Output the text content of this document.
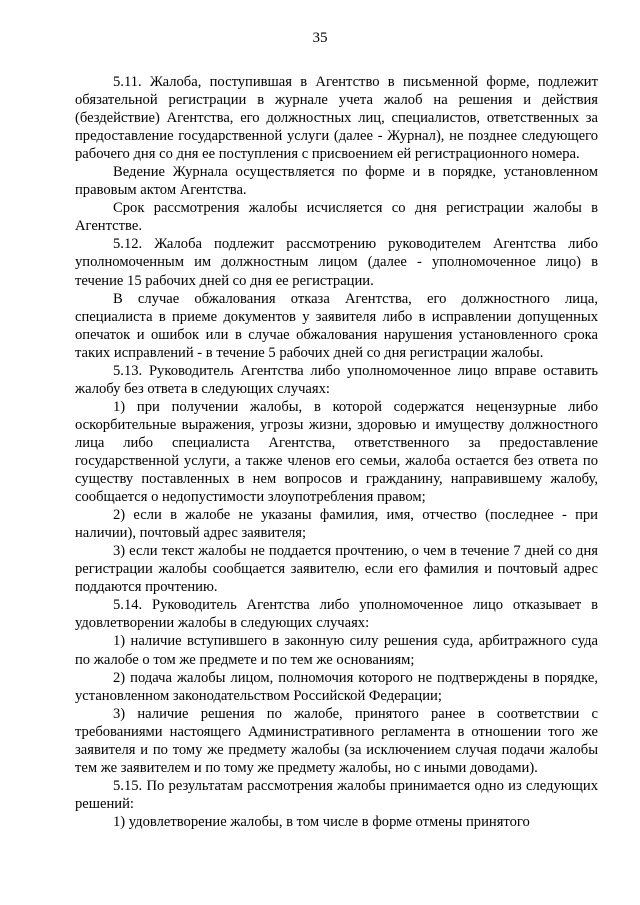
35

5.11. Жалоба, поступившая в Агентство в письменной форме, подлежит обязательной регистрации в журнале учета жалоб на решения и действия (бездействие) Агентства, его должностных лиц, специалистов, ответственных за предоставление государственной услуги (далее - Журнал), не позднее следующего рабочего дня со дня ее поступления с присвоением ей регистрационного номера.

Ведение Журнала осуществляется по форме и в порядке, установленном правовым актом Агентства.

Срок рассмотрения жалобы исчисляется со дня регистрации жалобы в Агентстве.

5.12. Жалоба подлежит рассмотрению руководителем Агентства либо уполномоченным им должностным лицом (далее - уполномоченное лицо) в течение 15 рабочих дней со дня ее регистрации.

В случае обжалования отказа Агентства, его должностного лица, специалиста в приеме документов у заявителя либо в исправлении допущенных опечаток и ошибок или в случае обжалования нарушения установленного срока таких исправлений - в течение 5 рабочих дней со дня регистрации жалобы.

5.13. Руководитель Агентства либо уполномоченное лицо вправе оставить жалобу без ответа в следующих случаях:

1) при получении жалобы, в которой содержатся нецензурные либо оскорбительные выражения, угрозы жизни, здоровью и имуществу должностного лица либо специалиста Агентства, ответственного за предоставление государственной услуги, а также членов его семьи, жалоба остается без ответа по существу поставленных в нем вопросов и гражданину, направившему жалобу, сообщается о недопустимости злоупотребления правом;

2) если в жалобе не указаны фамилия, имя, отчество (последнее - при наличии), почтовый адрес заявителя;

3) если текст жалобы не поддается прочтению, о чем в течение 7 дней со дня регистрации жалобы сообщается заявителю, если его фамилия и почтовый адрес поддаются прочтению.

5.14. Руководитель Агентства либо уполномоченное лицо отказывает в удовлетворении жалобы в следующих случаях:

1) наличие вступившего в законную силу решения суда, арбитражного суда по жалобе о том же предмете и по тем же основаниям;

2) подача жалобы лицом, полномочия которого не подтверждены в порядке, установленном законодательством Российской Федерации;

3) наличие решения по жалобе, принятого ранее в соответствии с требованиями настоящего Административного регламента в отношении того же заявителя и по тому же предмету жалобы (за исключением случая подачи жалобы тем же заявителем и по тому же предмету жалобы, но с иными доводами).

5.15. По результатам рассмотрения жалобы принимается одно из следующих решений:

1) удовлетворение жалобы, в том числе в форме отмены принятого
